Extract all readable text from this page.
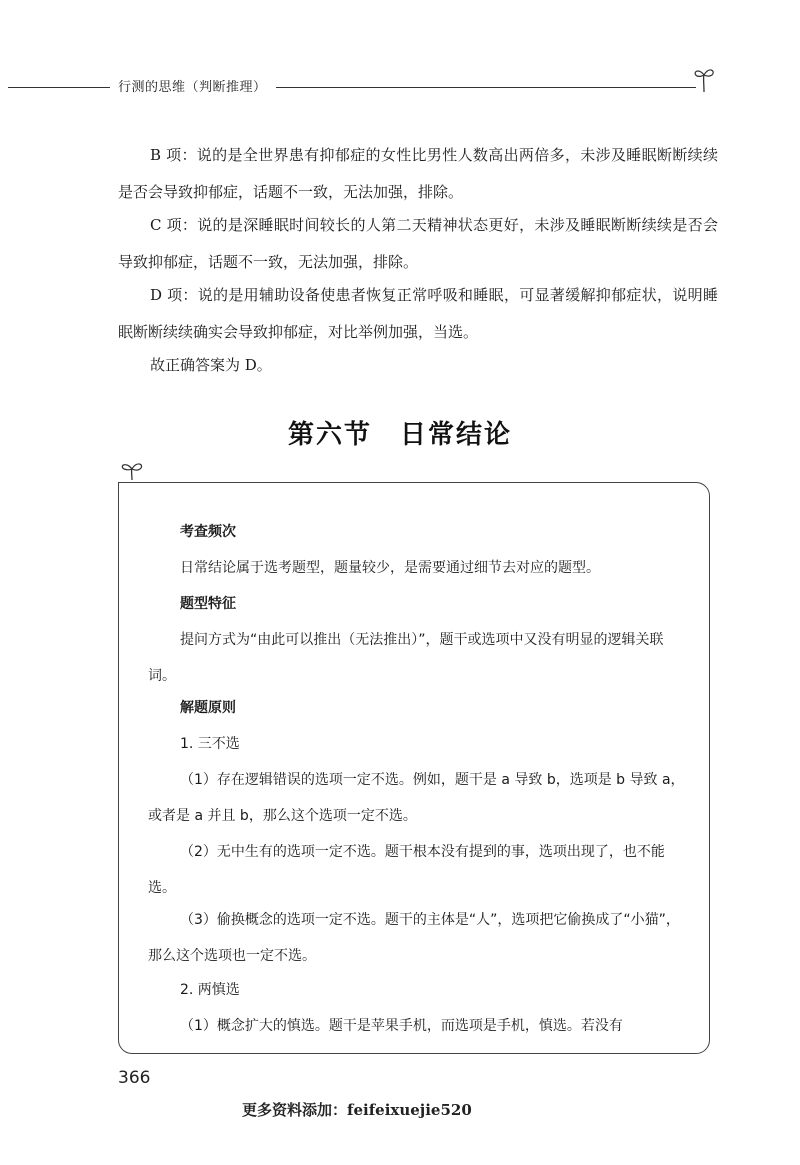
行测的思维（判断推理）

B 项：说的是全世界患有抑郁症的女性比男性人数高出两倍多，未涉及睡眠断断续续是否会导致抑郁症，话题不一致，无法加强，排除。

C 项：说的是深睡眠时间较长的人第二天精神状态更好，未涉及睡眠断断续续是否会导致抑郁症，话题不一致，无法加强，排除。

D 项：说的是用辅助设备使患者恢复正常呼吸和睡眠，可显著缓解抑郁症状，说明睡眠断断续续确实会导致抑郁症，对比举例加强，当选。

故正确答案为 D。

第六节　日常结论

考查频次

日常结论属于选考题型，题量较少，是需要通过细节去对应的题型。

题型特征

提问方式为“由此可以推出（无法推出）”，题干或选项中又没有明显的逻辑关联词。

解题原则

1. 三不选

（1）存在逻辑错误的选项一定不选。例如，题干是 a 导致 b，选项是 b 导致 a，或者是 a 并且 b，那么这个选项一定不选。

（2）无中生有的选项一定不选。题干根本没有提到的事，选项出现了，也不能选。

（3）偷换概念的选项一定不选。题干的主体是“人”，选项把它偷换成了“小猫”，那么这个选项也一定不选。

2. 两慎选

（1）概念扩大的慎选。题干是苹果手机，而选项是手机，慎选。若没有

366
更多资料添加：feifeixuejie520
